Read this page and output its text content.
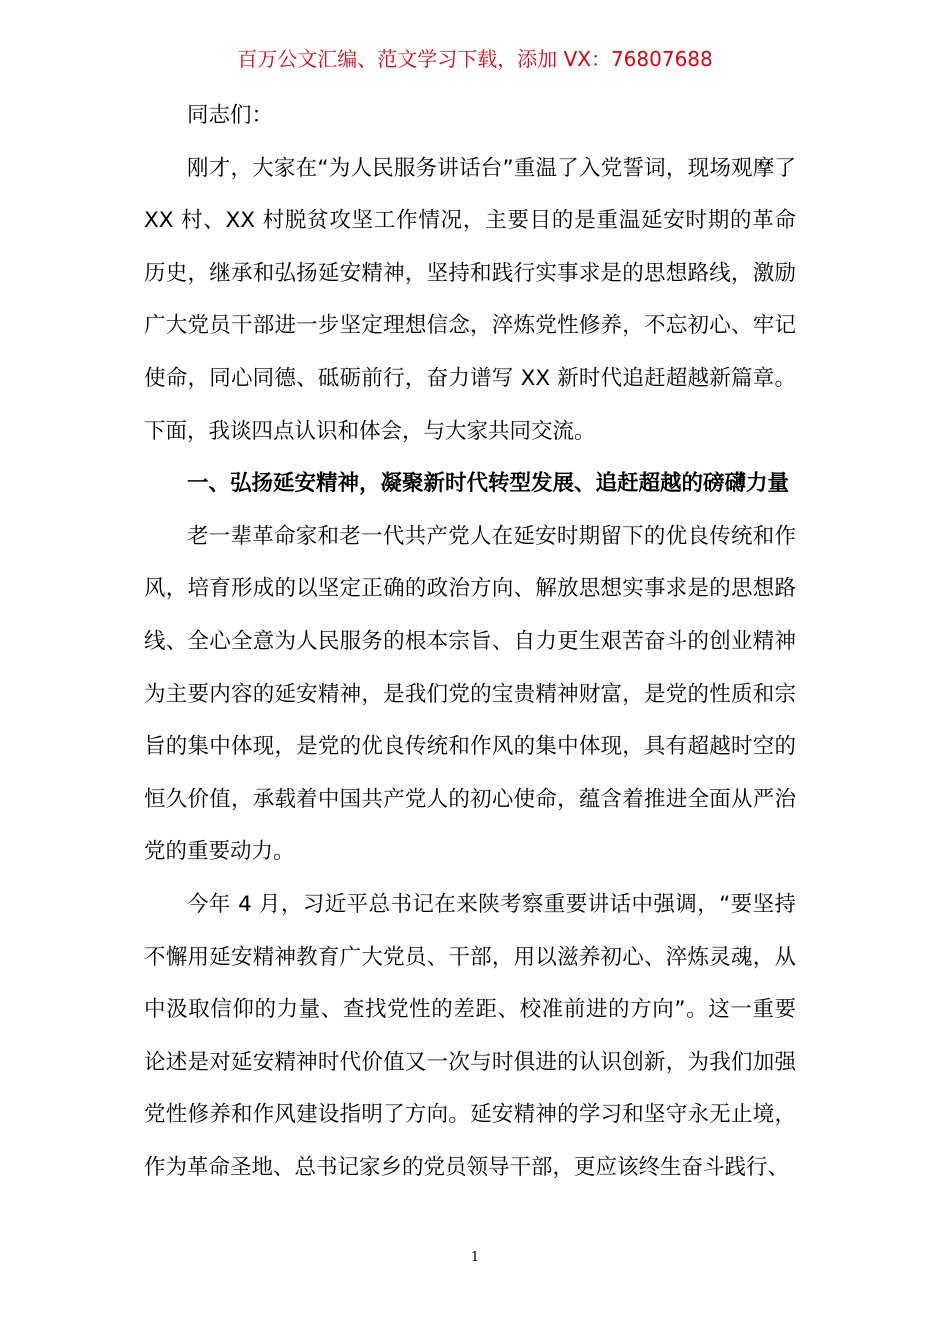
百万公文汇编、范文学习下载，添加 VX：76807688

同志们：

刚才，大家在“为人民服务讲话台”重温了入党誓词，现场观摩了 XX 村、XX 村脱贫攻坚工作情况，主要目的是重温延安时期的革命历史，继承和弘扬延安精神，坚持和践行实事求是的思想路线，激励广大党员干部进一步坚定理想信念，淬炼党性修养，不忘初心、牢记使命，同心同德、砥砺前行，奋力谱写 XX 新时代追赶超越新篇章。下面，我谈四点认识和体会，与大家共同交流。

一、弘扬延安精神，凝聚新时代转型发展、追赶超越的磅礴力量

老一辈革命家和老一代共产党人在延安时期留下的优良传统和作风，培育形成的以坚定正确的政治方向、解放思想实事求是的思想路线、全心全意为人民服务的根本宗旨、自力更生艰苦奋斗的创业精神为主要内容的延安精神，是我们党的宝贵精神财富，是党的性质和宗旨的集中体现，是党的优良传统和作风的集中体现，具有超越时空的恒久价值，承载着中国共产党人的初心使命，蕴含着推进全面从严治党的重要动力。

今年 4 月，习近平总书记在来陕考察重要讲话中强调，“要坚持不懈用延安精神教育广大党员、干部，用以滋养初心、淬炼灵魂，从中汲取信仰的力量、查找党性的差距、校准前进的方向”。这一重要论述是对延安精神时代价值又一次与时俱进的认识创新，为我们加强党性修养和作风建设指明了方向。延安精神的学习和坚守永无止境，作为革命圣地、总书记家乡的党员领导干部，更应该终生奋斗践行、

1
